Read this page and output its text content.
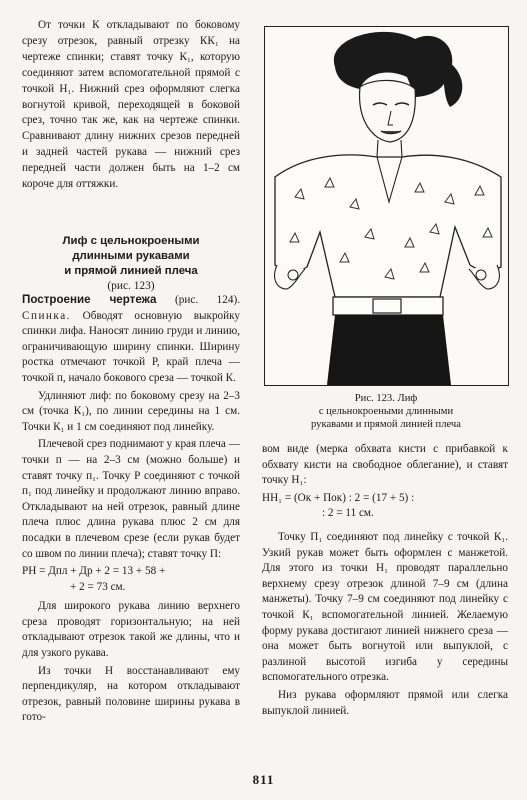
От точки К откладывают по боковому срезу отрезок, равный отрезку КК₁ на чертеже спинки; ставят точку К₁, которую соединяют затем вспомогательной прямой с точкой Н₁. Нижний срез оформляют слегка вогнутой кривой, переходящей в боковой срез, точно так же, как на чертеже спинки. Сравнивают длину нижних срезов передней и задней частей рукава — нижний срез передней части должен быть на 1–2 см короче для оттяжки.

Лиф с цельнокроеными
длинными рукавами
и прямой линией плеча
(рис. 123)

Построение чертежа (рис. 124). Спинка. Обводят основную выкройку спинки лифа. Наносят линию груди и линию, ограничивающую ширину спинки. Ширину ростка отмечают точкой Р, край плеча — точкой п, начало бокового среза — точкой К.

Удлиняют лиф: по боковому срезу на 2–3 см (точка К₁), по линии середины на 1 см. Точки К₁ и 1 см соединяют под линейку.

Плечевой срез поднимают у края плеча — точки п — на 2–3 см (можно больше) и ставят точку п₁. Точку Р соединяют с точкой п₁ под линейку и продолжают линию вправо. Откладывают на ней отрезок, равный длине плеча плюс длина рукава плюс 2 см для посадки в плечевом срезе (если рукав будет со швом по линии плеча); ставят точку П:

РН = Дпл + Др + 2 = 13 + 58 +
+ 2 = 73 см.

Для широкого рукава линию верхнего среза проводят горизонтальную; на ней откладывают отрезок такой же длины, что и для узкого рукава.

Из точки Н восстанавливают ему перпендикуляр, на котором откладывают отрезок, равный половине ширины рукава в гото-

Рис. 123. Лиф
с цельнокроеными длинными
рукавами и прямой линией плеча

вом виде (мерка обхвата кисти с прибавкой к обхвату кисти на свободное облегание), и ставят точку Н₁:

НН₁ = (Ок + Пок) : 2 = (17 + 5) :
: 2 = 11 см.

Точку П₁ соединяют под линейку с точкой К₁. Узкий рукав может быть оформлен с манжетой. Для этого из точки Н₁ проводят параллельно верхнему срезу отрезок длиной 7–9 см (длина манжеты). Точку 7–9 см соединяют под линейку с точкой К₁ вспомогательной линией. Желаемую форму рукава достигают линией нижнего среза — она может быть вогнутой или выпуклой, с разлиной высотой изгиба у середины вспомогательного отрезка.

Низ рукава оформляют прямой или слегка выпуклой линией.

811
